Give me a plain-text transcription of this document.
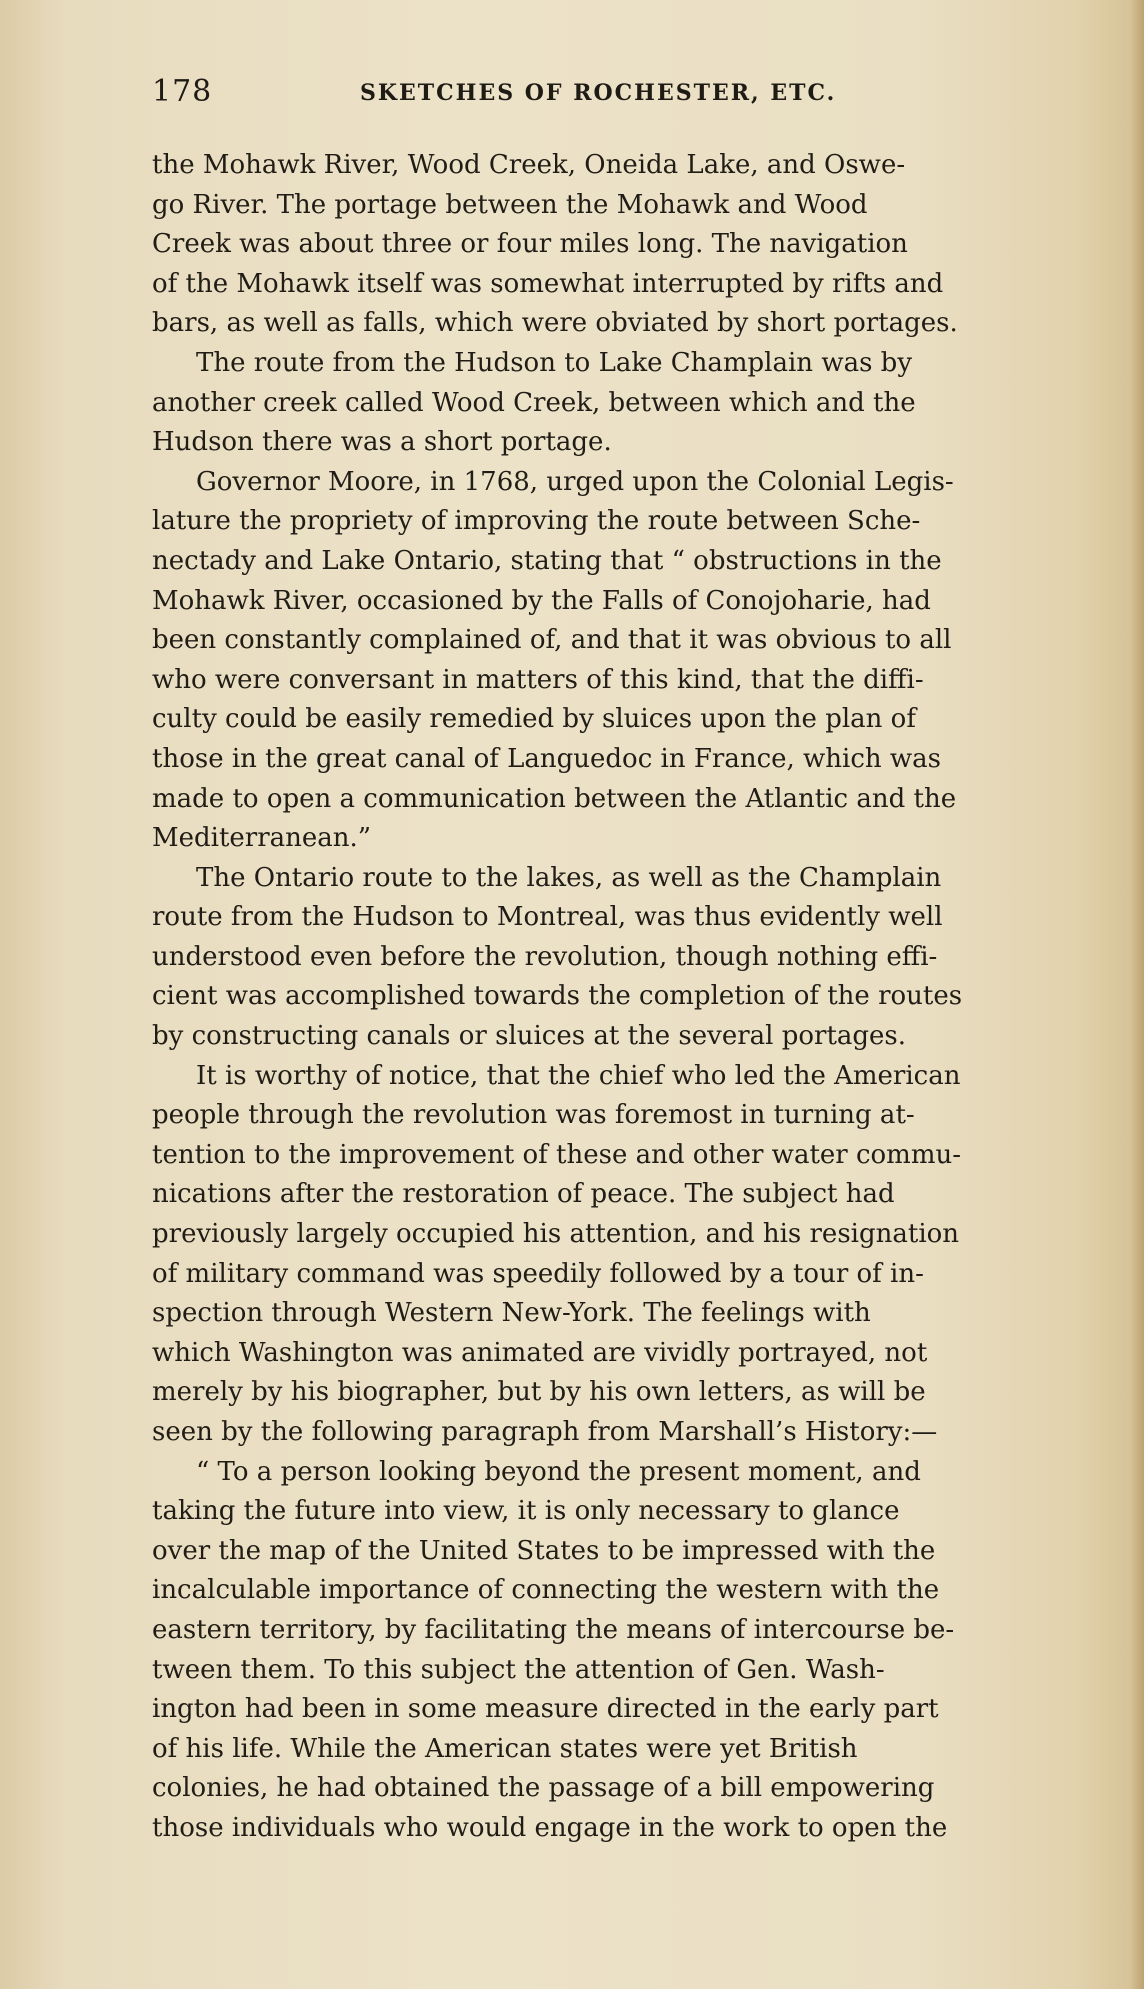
178	SKETCHES OF ROCHESTER, ETC.
the Mohawk River, Wood Creek, Oneida Lake, and Oswe-
go River. The portage between the Mohawk and Wood
Creek was about three or four miles long. The navigation
of the Mohawk itself was somewhat interrupted by rifts and
bars, as well as falls, which were obviated by short portages.
The route from the Hudson to Lake Champlain was by
another creek called Wood Creek, between which and the
Hudson there was a short portage.
Governor Moore, in 1768, urged upon the Colonial Legis-
lature the propriety of improving the route between Sche-
nectady and Lake Ontario, stating that “ obstructions in the
Mohawk River, occasioned by the Falls of Conojoharie, had
been constantly complained of, and that it was obvious to all
who were conversant in matters of this kind, that the diffi-
culty could be easily remedied by sluices upon the plan of
those in the great canal of Languedoc in France, which was
made to open a communication between the Atlantic and the
Mediterranean.”
The Ontario route to the lakes, as well as the Champlain
route from the Hudson to Montreal, was thus evidently well
understood even before the revolution, though nothing effi-
cient was accomplished towards the completion of the routes
by constructing canals or sluices at the several portages.
It is worthy of notice, that the chief who led the American
people through the revolution was foremost in turning at-
tention to the improvement of these and other water commu-
nications after the restoration of peace. The subject had
previously largely occupied his attention, and his resignation
of military command was speedily followed by a tour of in-
spection through Western New-York. The feelings with
which Washington was animated are vividly portrayed, not
merely by his biographer, but by his own letters, as will be
seen by the following paragraph from Marshall’s History:—
“ To a person looking beyond the present moment, and
taking the future into view, it is only necessary to glance
over the map of the United States to be impressed with the
incalculable importance of connecting the western with the
eastern territory, by facilitating the means of intercourse be-
tween them. To this subject the attention of Gen. Wash-
ington had been in some measure directed in the early part
of his life. While the American states were yet British
colonies, he had obtained the passage of a bill empowering
those individuals who would engage in the work to open the
